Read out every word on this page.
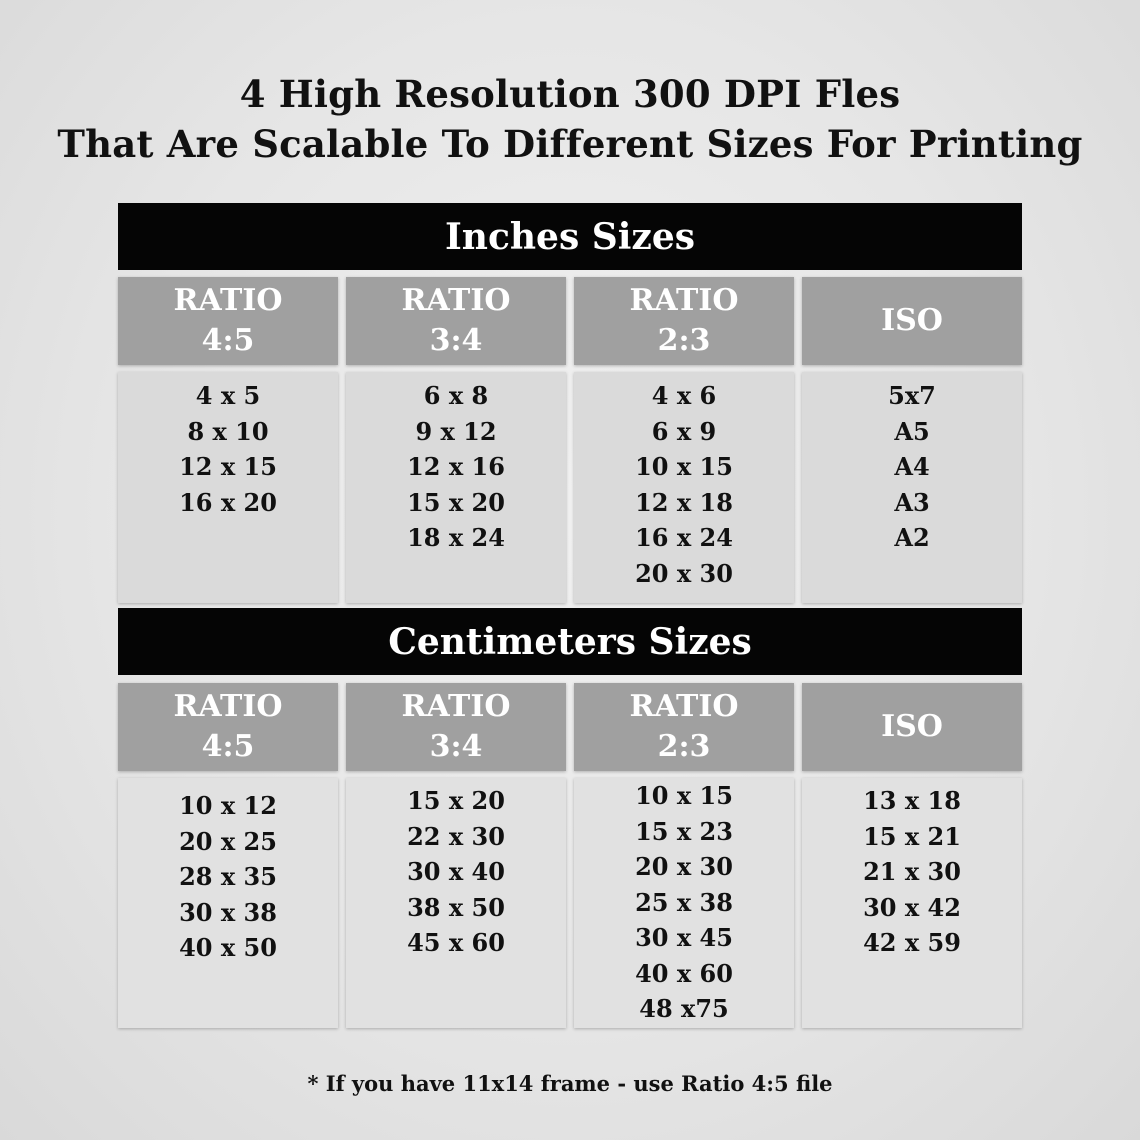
4 High Resolution 300 DPI Fles
That Are Scalable To Different Sizes For Printing
Inches Sizes
RATIO
4:5
4 x 5
8 x 10
12 x 15
16 x 20
RATIO
3:4
6 x 8
9 x 12
12 x 16
15 x 20
18 x 24
RATIO
2:3
4 x 6
6 x 9
10 x 15
12 x 18
16 x 24
20 x 30
ISO
5x7
A5
A4
A3
A2
Centimeters Sizes
RATIO
4:5
10 x 12
20 x 25
28 x 35
30 x 38
40 x 50
RATIO
3:4
15 x 20
22 x 30
30 x 40
38 x 50
45 x 60
RATIO
2:3
10 x 15
15 x 23
20 x 30
25 x 38
30 x 45
40 x 60
48 x75
ISO
13 x 18
15 x 21
21 x 30
30 x 42
42 x 59
* If you have 11x14 frame - use Ratio 4:5 file
